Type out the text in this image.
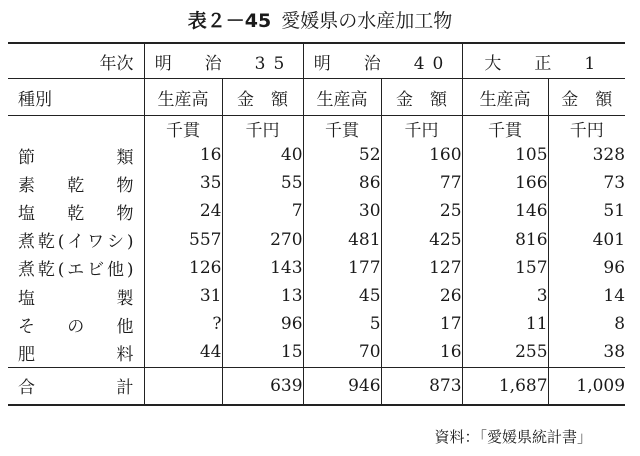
表２－45 愛媛県の水産加工物
年次	明　治　35		明　治　40		大　正　1	
種別	生産高	金　額	生産高	金　額	生産高	金　額
	千貫	千円	千貫	千円	千貫	千円
節類	16	40	52	160	105	328
素乾物	35	55	86	77	166	73
塩乾物	24	7	30	25	146	51
煮乾(イワシ)	557	270	481	425	816	401
煮乾(エビ他)	126	143	177	127	157	96
塩製	31	13	45	26	3	14
その他	?	96	5	17	11	8
肥料	44	15	70	16	255	38
合計		639	946	873	1,687	1,009
資料：「愛媛県統計書」
